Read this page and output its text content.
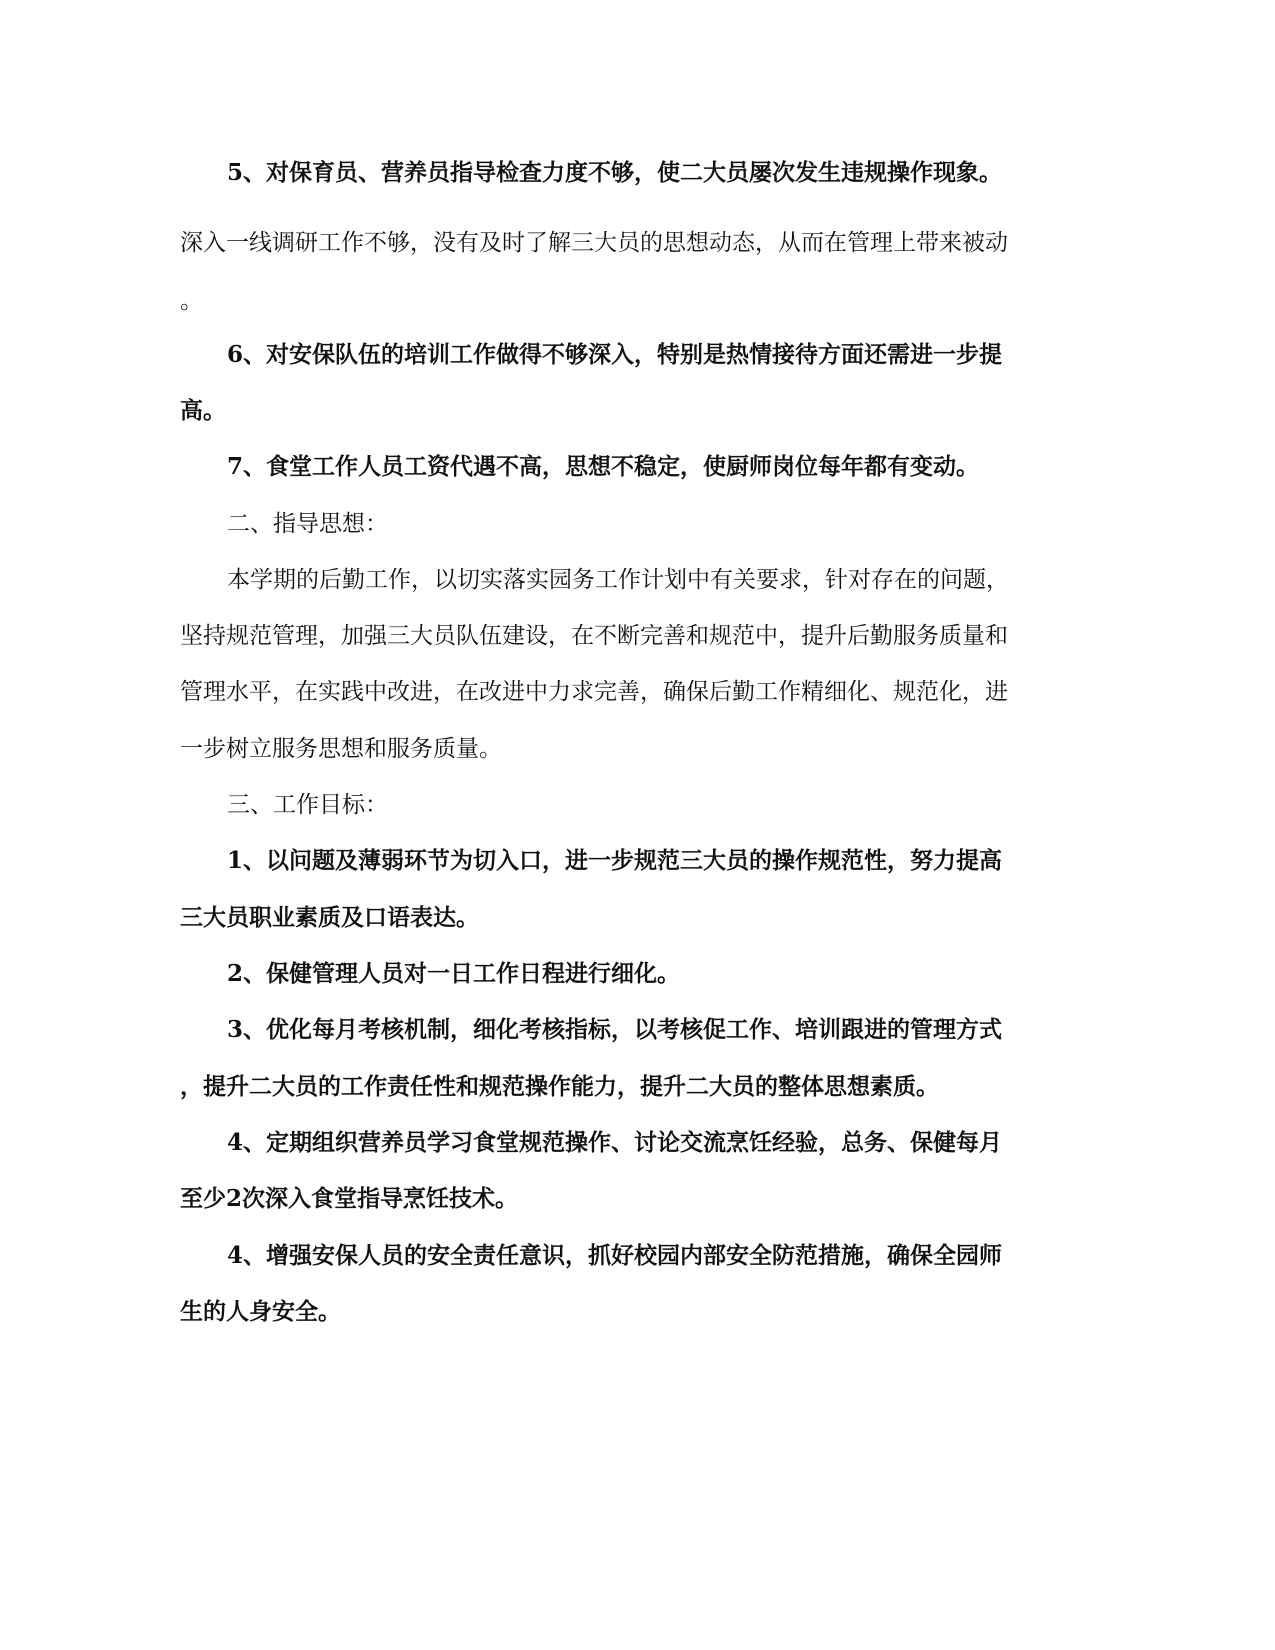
5、对保育员、营养员指导检查力度不够，使二大员屡次发生违规操作现象。
深入一线调研工作不够，没有及时了解三大员的思想动态，从而在管理上带来被动
。
6、对安保队伍的培训工作做得不够深入，特别是热情接待方面还需进一步提
高。
7、食堂工作人员工资代遇不高，思想不稳定，使厨师岗位每年都有变动。
二、指导思想：
本学期的后勤工作，以切实落实园务工作计划中有关要求，针对存在的问题，
坚持规范管理，加强三大员队伍建设，在不断完善和规范中，提升后勤服务质量和
管理水平，在实践中改进，在改进中力求完善，确保后勤工作精细化、规范化，进
一步树立服务思想和服务质量。
三、工作目标：
1、以问题及薄弱环节为切入口，进一步规范三大员的操作规范性，努力提高
三大员职业素质及口语表达。
2、保健管理人员对一日工作日程进行细化。
3、优化每月考核机制，细化考核指标，以考核促工作、培训跟进的管理方式
，提升二大员的工作责任性和规范操作能力，提升二大员的整体思想素质。
4、定期组织营养员学习食堂规范操作、讨论交流烹饪经验，总务、保健每月
至少2次深入食堂指导烹饪技术。
4、增强安保人员的安全责任意识，抓好校园内部安全防范措施，确保全园师
生的人身安全。
